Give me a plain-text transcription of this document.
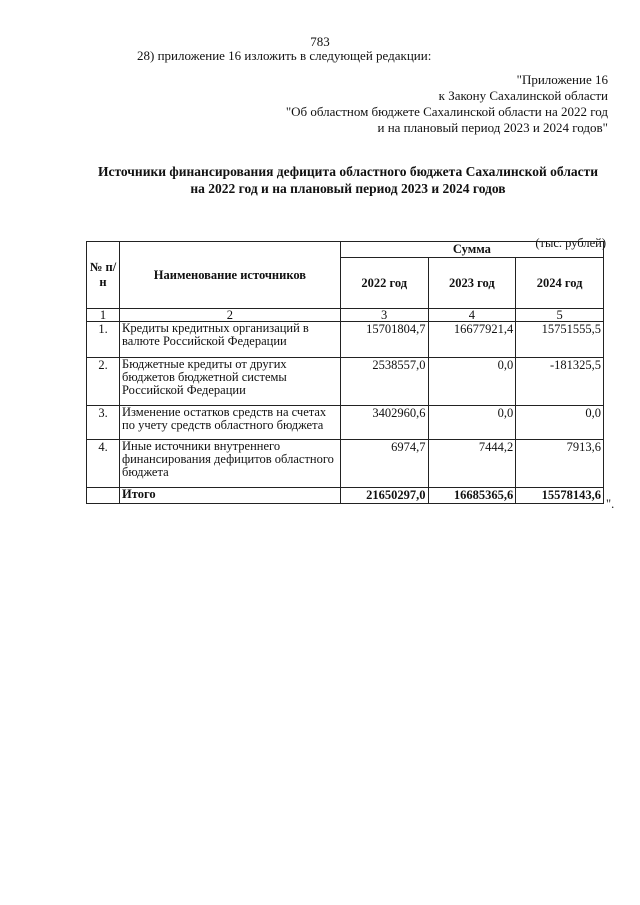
783
28) приложение 16 изложить в следующей редакции:
"Приложение 16
к Закону Сахалинской области
"Об областном бюджете Сахалинской области на 2022 год
и на плановый период 2023 и 2024 годов"
Источники финансирования дефицита областного бюджета Сахалинской области
на 2022 год и на плановый период 2023 и 2024 годов
(тыс. рублей)
№ п/н	Наименование источников	Сумма		
		2022 год	2023 год	2024 год
1	2	3	4	5
1.	Кредиты кредитных организаций в валюте Российской Федерации	15701804,7	16677921,4	15751555,5
2.	Бюджетные кредиты от других бюджетов бюджетной системы Российской Федерации	2538557,0	0,0	-181325,5
3.	Изменение остатков средств на счетах по учету средств областного бюджета	3402960,6	0,0	0,0
4.	Иные источники внутреннего финансирования дефицитов областного бюджета	6974,7	7444,2	7913,6
	Итого	21650297,0	16685365,6	15578143,6
".
